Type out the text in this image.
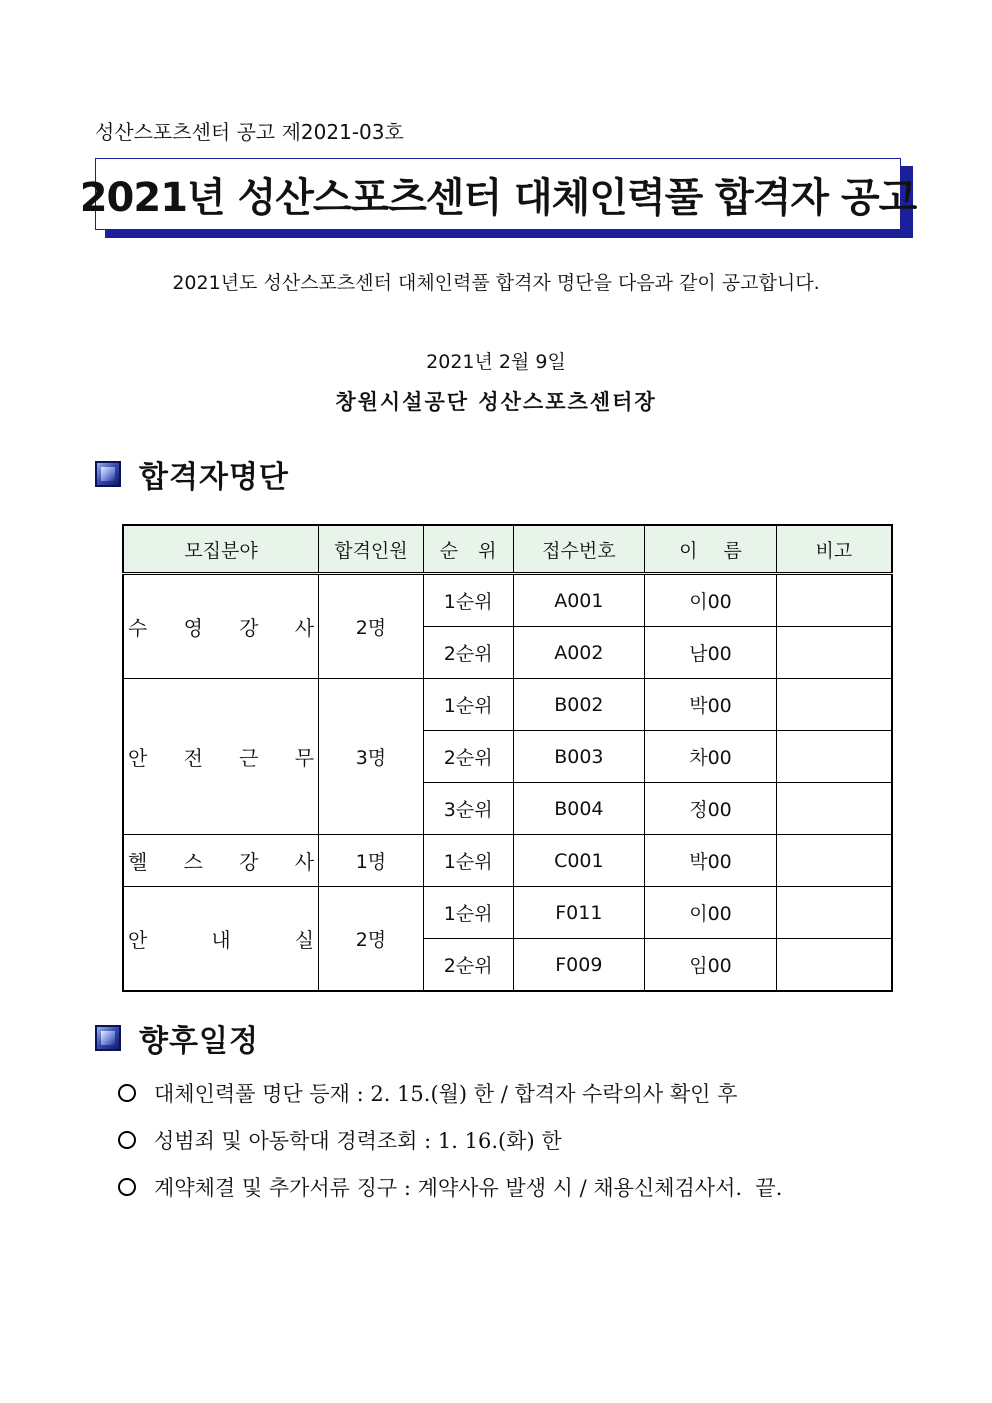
성산스포츠센터 공고 제2021-03호
2021년 성산스포츠센터 대체인력풀 합격자 공고
2021년도 성산스포츠센터 대체인력풀 합격자 명단을 다음과 같이 공고합니다.
2021년 2월 9일
창원시설공단 성산스포츠센터장
합격자명단
모집분야	합격인원	순 위	접수번호	이 름	비고

수 영 강 사	2명	1순위	A001	이00	
		2순위	A002	남00	

안 전 근 무	3명	1순위	B002	박00	
		2순위	B003	차00	
		3순위	B004	정00	

헬 스 강 사	1명	1순위	C001	박00	

안 내 실	2명	1순위	F011	이00	
		2순위	F009	임00	
향후일정
대체인력풀 명단 등재 : 2. 15.(월) 한 / 합격자 수락의사 확인 후
성범죄 및 아동학대 경력조회 : 1. 16.(화) 한
계약체결 및 추가서류 징구 : 계약사유 발생 시 / 채용신체검사서.  끝.
